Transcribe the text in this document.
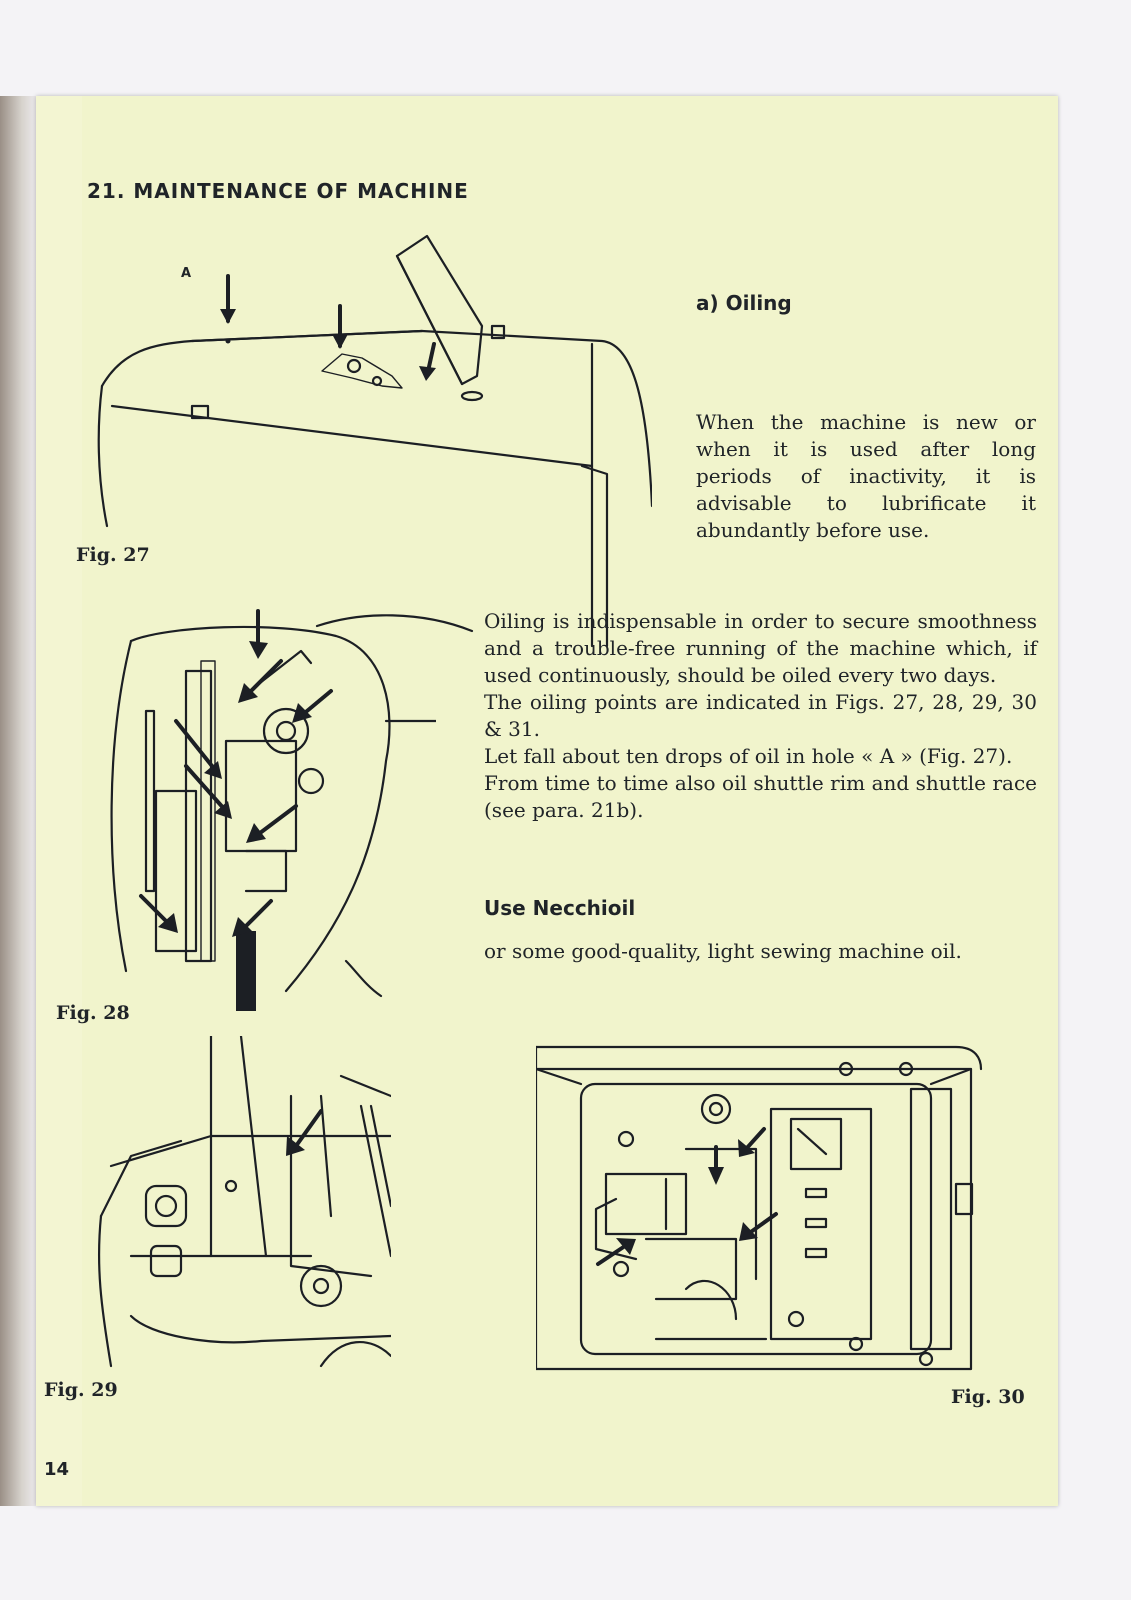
21. MAINTENANCE OF MACHINE
A
Fig. 27
a) Oiling
When the machine is new or when it is used after long periods of inactivity, it is advisable to lubrificate it abundantly before use.
Fig. 28

Oiling is indispensable in order to secure smoothness and a trouble-free running of the machine which, if used continuously, should be oiled every two days.

The oiling points are indicated in Figs. 27, 28, 29, 30 & 31.

Let fall about ten drops of oil in hole « A » (Fig. 27).

From time to time also oil shuttle rim and shuttle race (see para. 21b).

Use Necchioil
or some good-quality, light sewing machine oil.
Fig. 29	Fig. 30
14
